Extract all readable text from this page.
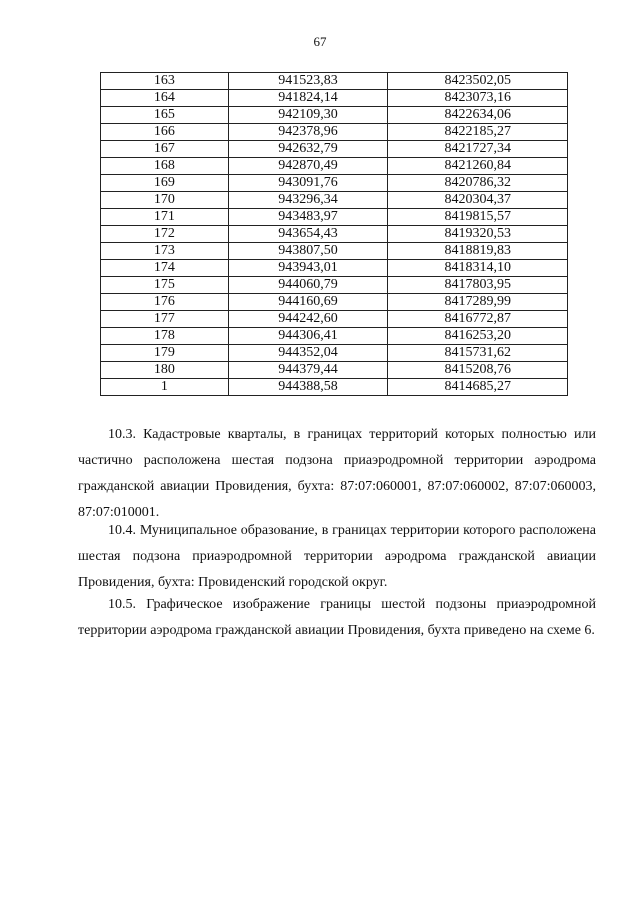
67
163	941523,83	8423502,05
164	941824,14	8423073,16
165	942109,30	8422634,06
166	942378,96	8422185,27
167	942632,79	8421727,34
168	942870,49	8421260,84
169	943091,76	8420786,32
170	943296,34	8420304,37
171	943483,97	8419815,57
172	943654,43	8419320,53
173	943807,50	8418819,83
174	943943,01	8418314,10
175	944060,79	8417803,95
176	944160,69	8417289,99
177	944242,60	8416772,87
178	944306,41	8416253,20
179	944352,04	8415731,62
180	944379,44	8415208,76
1	944388,58	8414685,27

10.3. Кадастровые кварталы, в границах территорий которых полностью или частично расположена шестая подзона приаэродромной территории аэродрома гражданской авиации Провидения, бухта: 87:07:060001, 87:07:060002, 87:07:060003, 87:07:010001.

10.4. Муниципальное образование, в границах территории которого расположена шестая подзона приаэродромной территории аэродрома гражданской авиации Провидения, бухта: Провиденский городской округ.

10.5. Графическое изображение границы шестой подзоны приаэродромной территории аэродрома гражданской авиации Провидения, бухта приведено на схеме 6.
